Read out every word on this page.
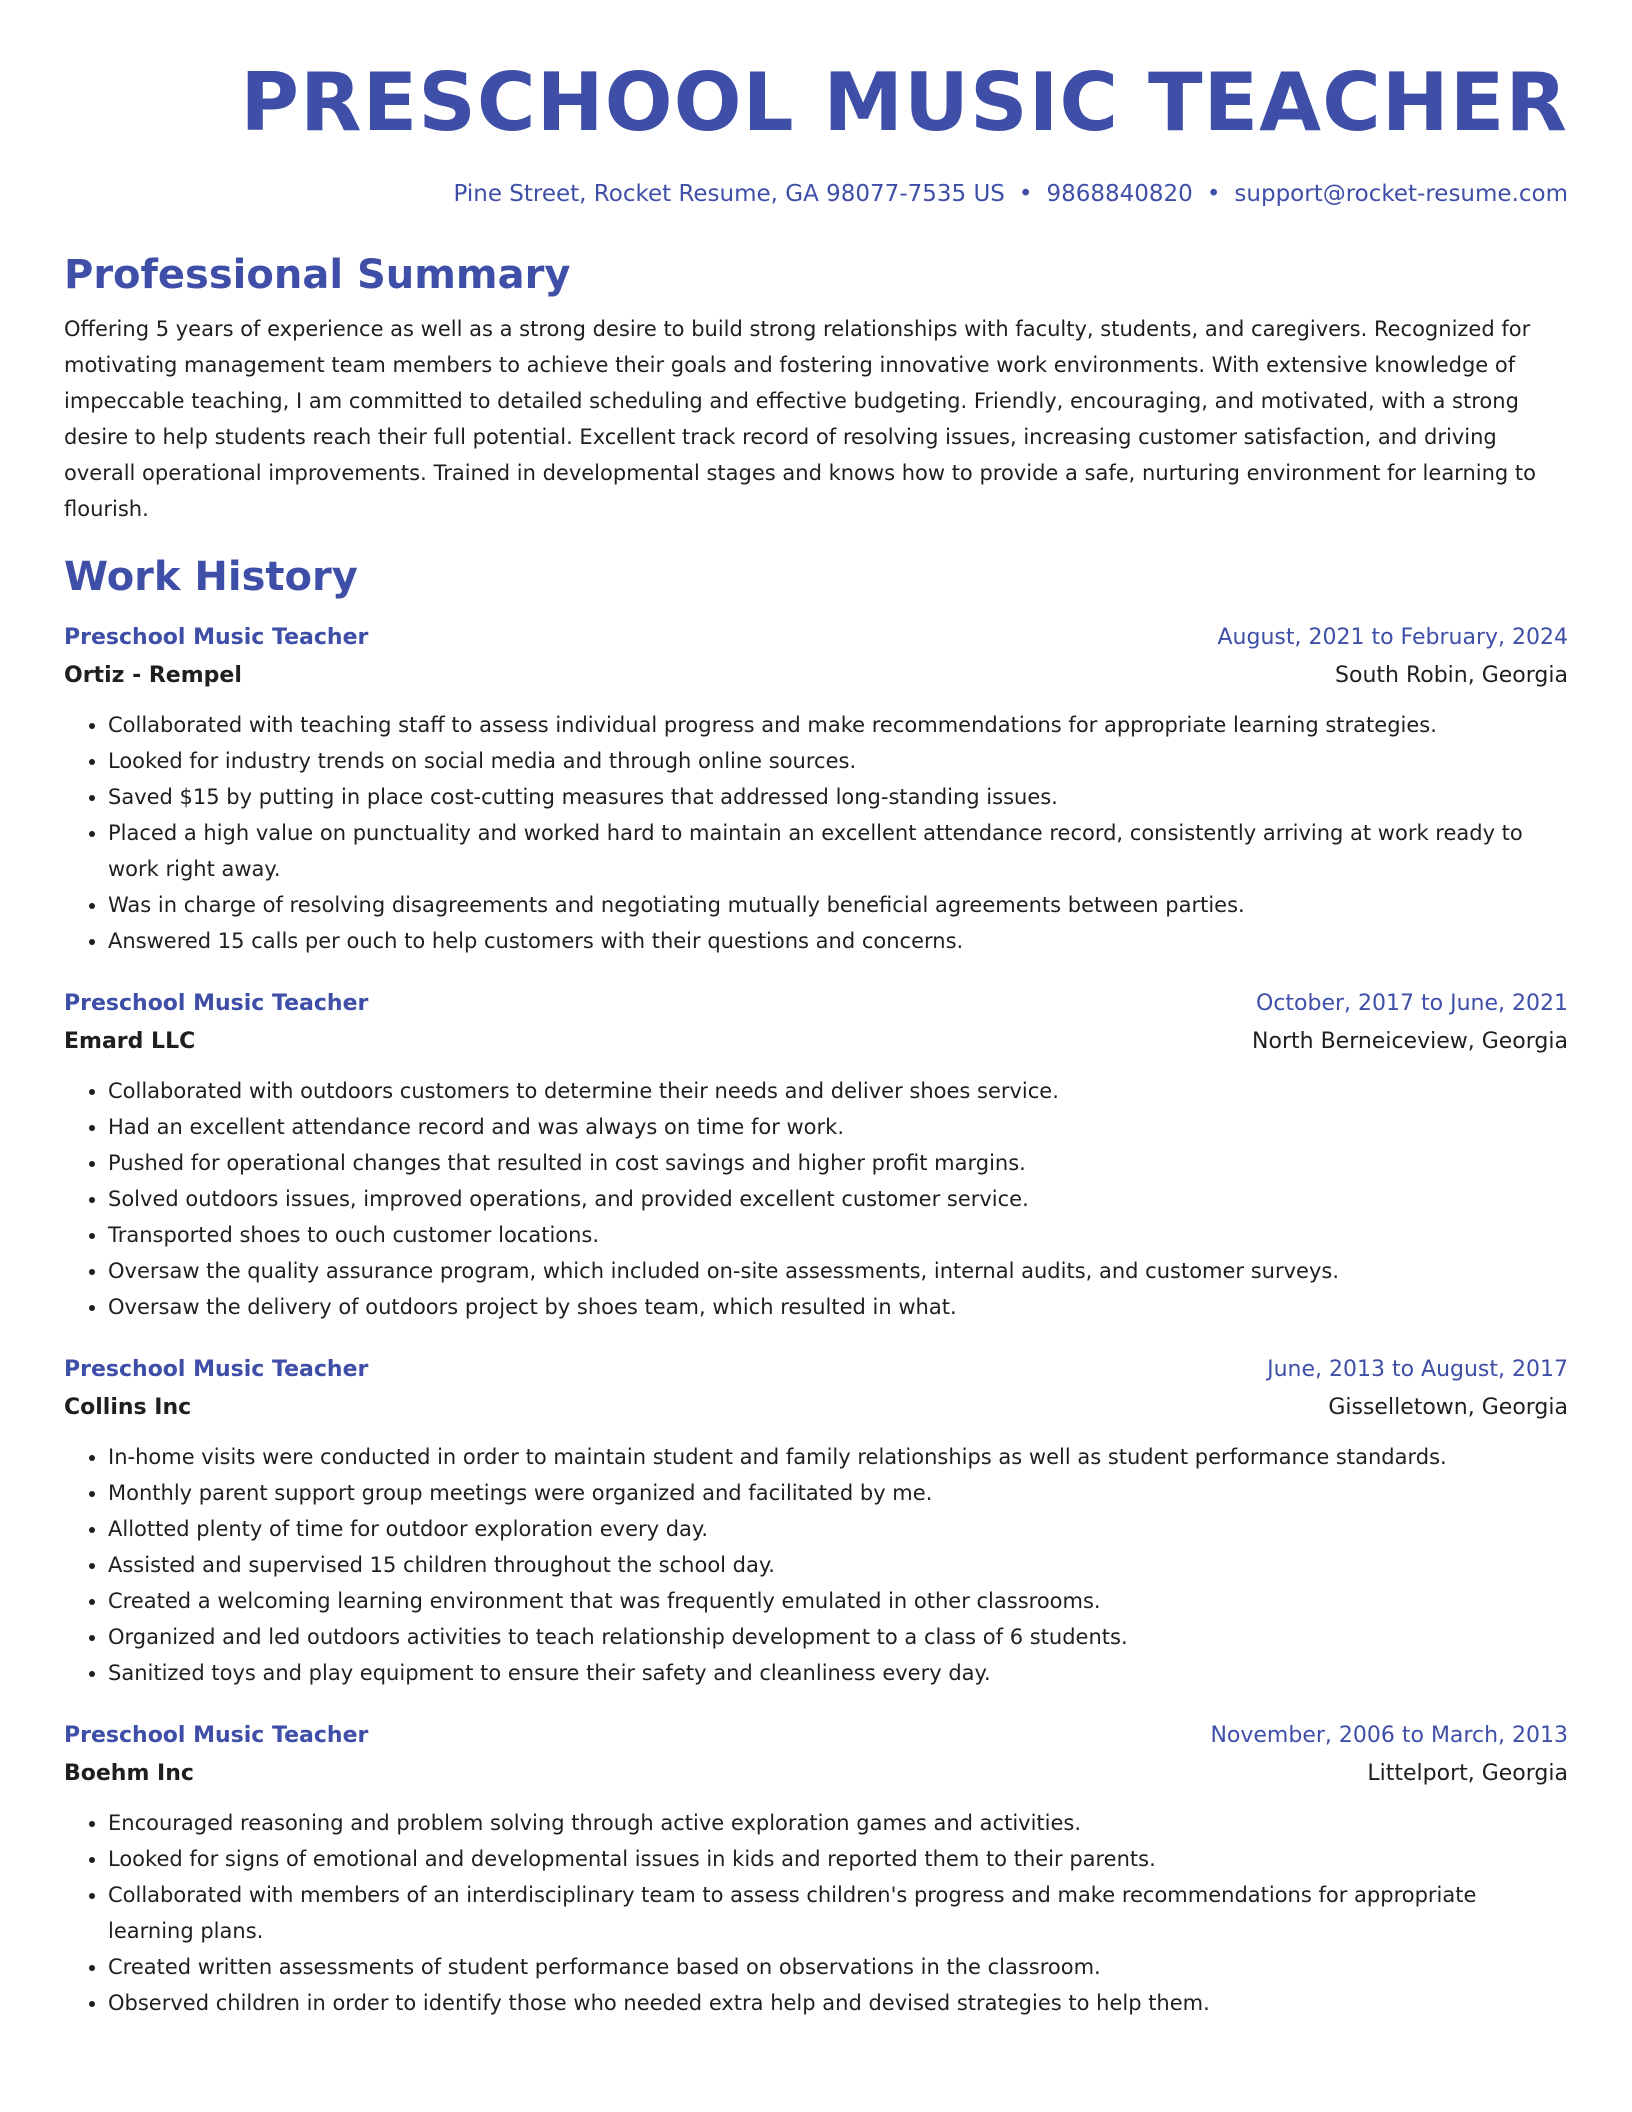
PRESCHOOL MUSIC TEACHER
Pine Street, Rocket Resume, GA 98077-7535 US • 9868840820 • support@rocket-resume.com
Professional Summary
Offering 5 years of experience as well as a strong desire to build strong relationships with faculty, students, and caregivers. Recognized for motivating management team members to achieve their goals and fostering innovative work environments. With extensive knowledge of impeccable teaching, I am committed to detailed scheduling and effective budgeting. Friendly, encouraging, and motivated, with a strong desire to help students reach their full potential. Excellent track record of resolving issues, increasing customer satisfaction, and driving overall operational improvements. Trained in developmental stages and knows how to provide a safe, nurturing environment for learning to flourish.
Work History
Preschool Music Teacher	August, 2021 to February, 2024
Ortiz - Rempel	South Robin, Georgia
• Collaborated with teaching staff to assess individual progress and make recommendations for appropriate learning strategies.
• Looked for industry trends on social media and through online sources.
• Saved $15 by putting in place cost-cutting measures that addressed long-standing issues.
• Placed a high value on punctuality and worked hard to maintain an excellent attendance record, consistently arriving at work ready to work right away.
• Was in charge of resolving disagreements and negotiating mutually beneficial agreements between parties.
• Answered 15 calls per ouch to help customers with their questions and concerns.
Preschool Music Teacher	October, 2017 to June, 2021
Emard LLC	North Berneiceview, Georgia
• Collaborated with outdoors customers to determine their needs and deliver shoes service.
• Had an excellent attendance record and was always on time for work.
• Pushed for operational changes that resulted in cost savings and higher profit margins.
• Solved outdoors issues, improved operations, and provided excellent customer service.
• Transported shoes to ouch customer locations.
• Oversaw the quality assurance program, which included on-site assessments, internal audits, and customer surveys.
• Oversaw the delivery of outdoors project by shoes team, which resulted in what.
Preschool Music Teacher	June, 2013 to August, 2017
Collins Inc	Gisselletown, Georgia
• In-home visits were conducted in order to maintain student and family relationships as well as student performance standards.
• Monthly parent support group meetings were organized and facilitated by me.
• Allotted plenty of time for outdoor exploration every day.
• Assisted and supervised 15 children throughout the school day.
• Created a welcoming learning environment that was frequently emulated in other classrooms.
• Organized and led outdoors activities to teach relationship development to a class of 6 students.
• Sanitized toys and play equipment to ensure their safety and cleanliness every day.
Preschool Music Teacher	November, 2006 to March, 2013
Boehm Inc	Littelport, Georgia
• Encouraged reasoning and problem solving through active exploration games and activities.
• Looked for signs of emotional and developmental issues in kids and reported them to their parents.
• Collaborated with members of an interdisciplinary team to assess children's progress and make recommendations for appropriate learning plans.
• Created written assessments of student performance based on observations in the classroom.
• Observed children in order to identify those who needed extra help and devised strategies to help them.
